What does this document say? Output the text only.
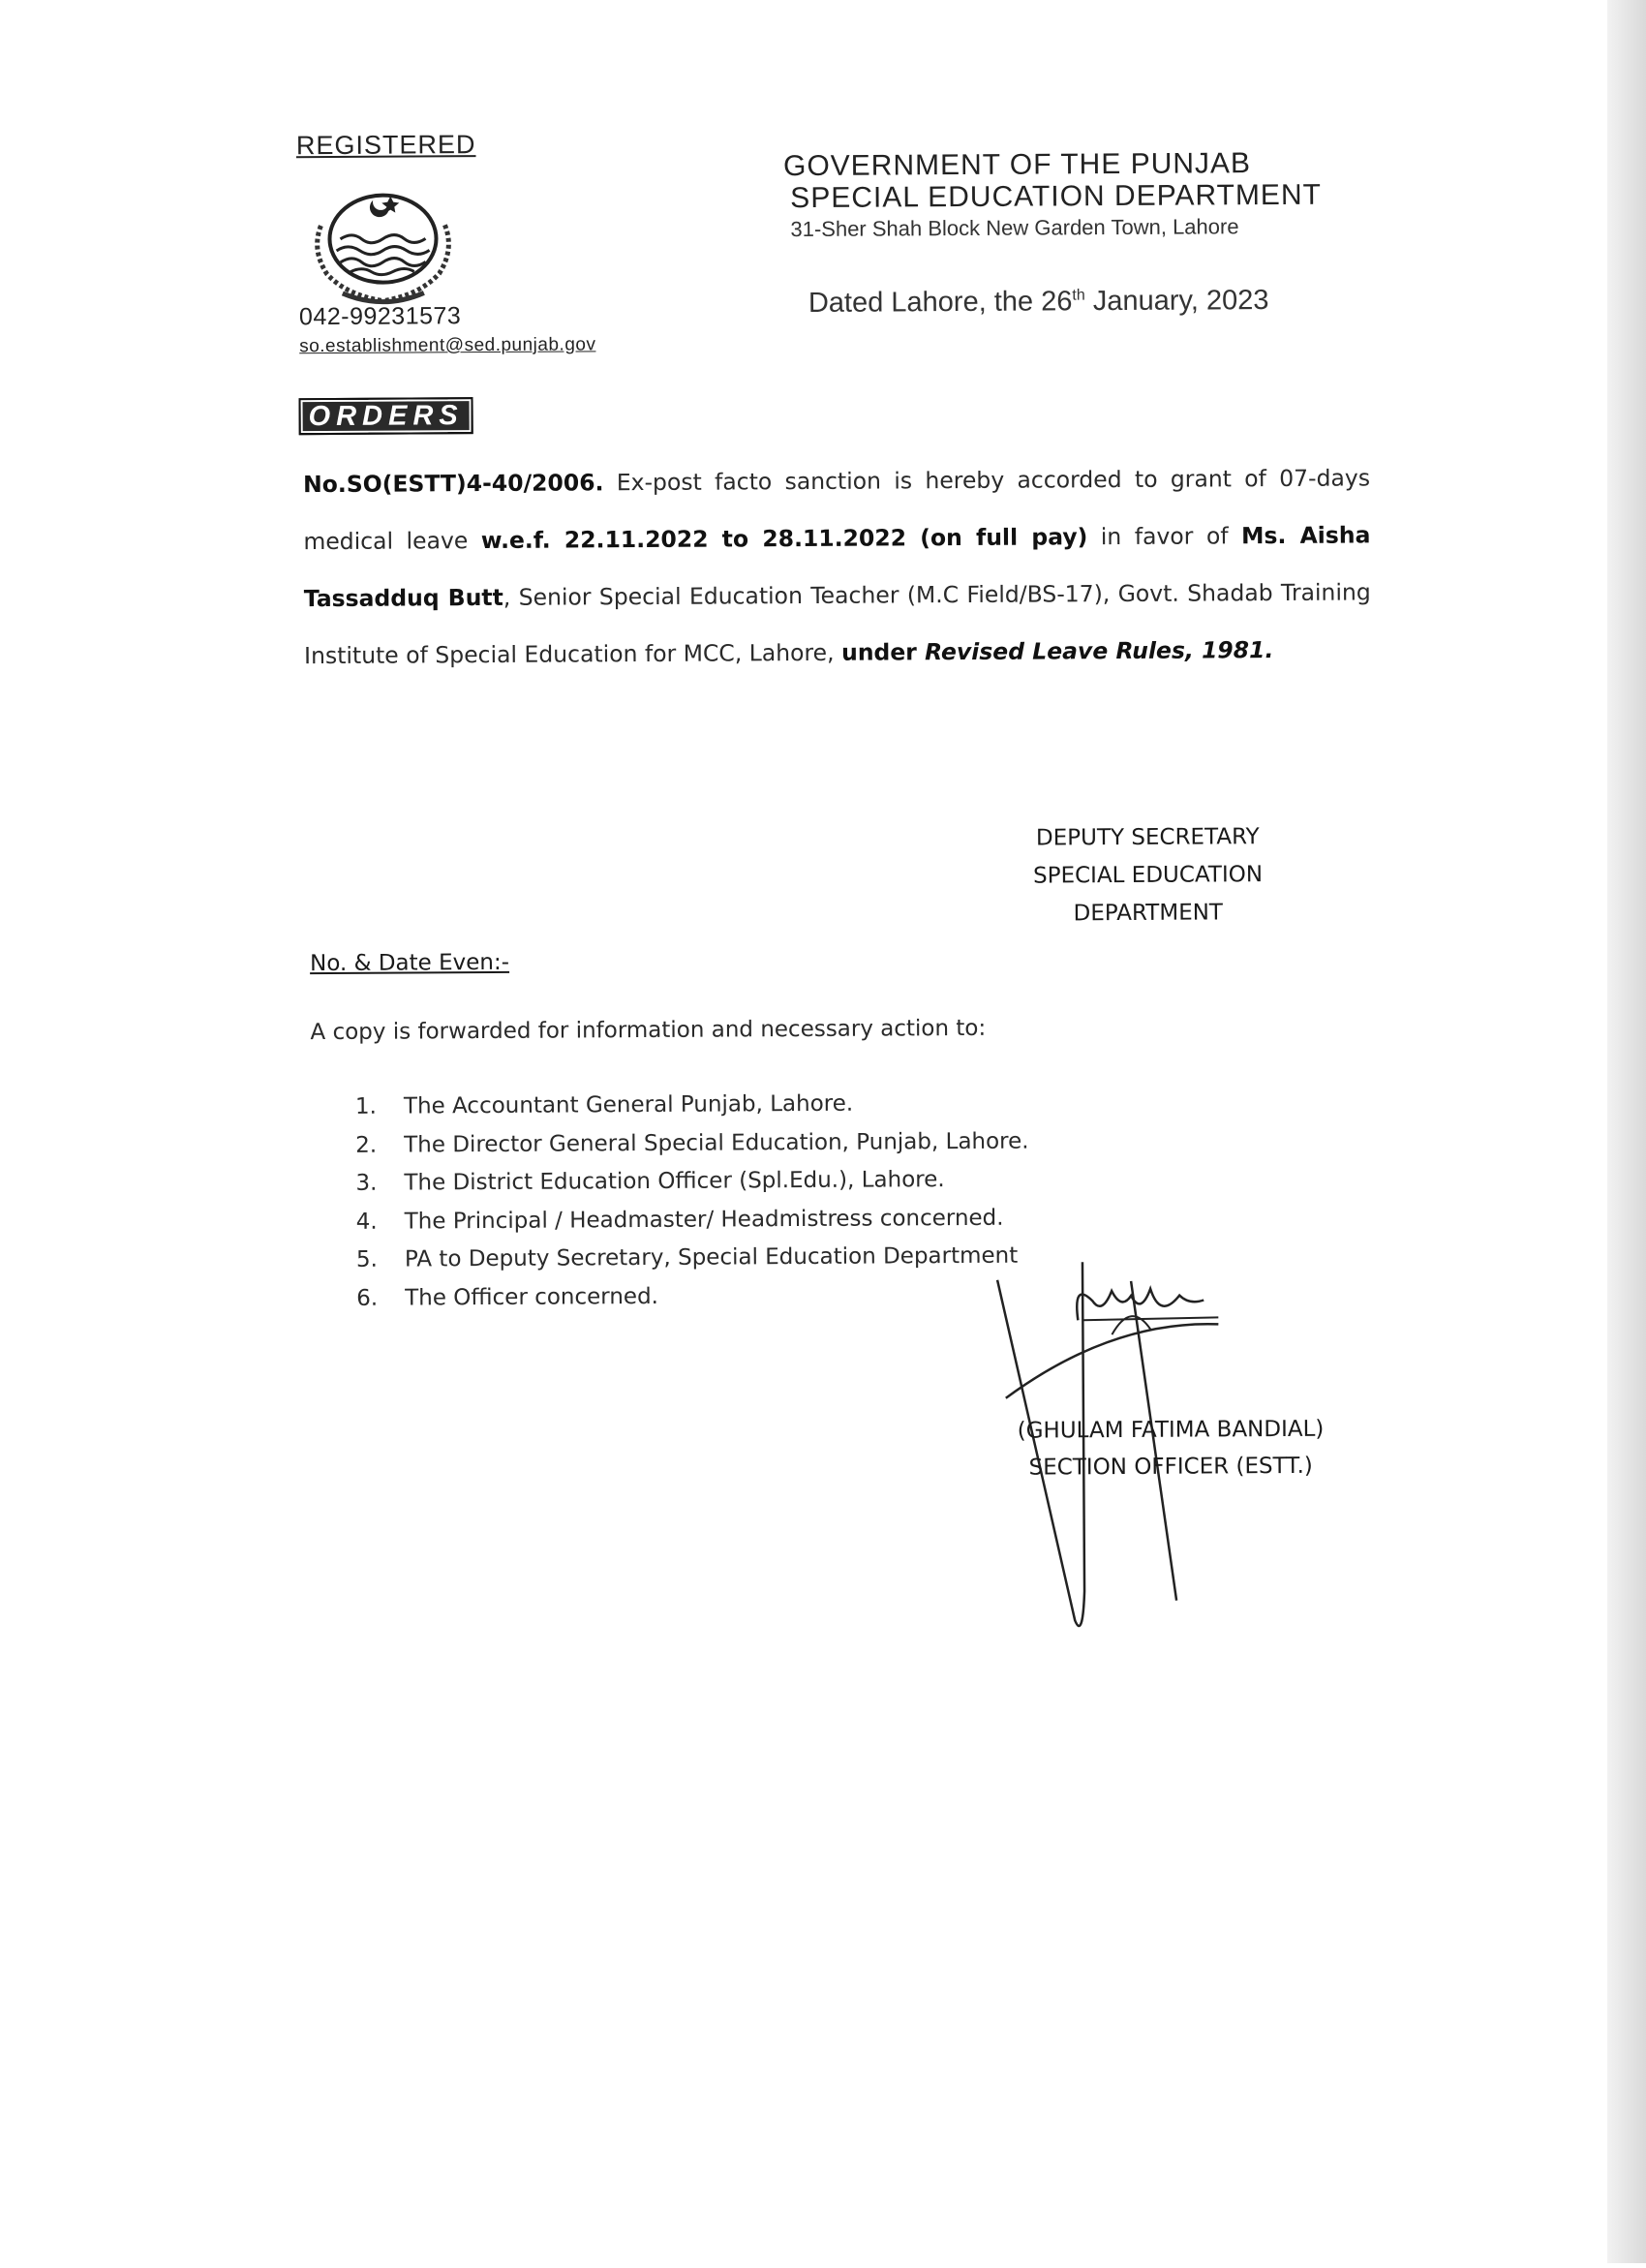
REGISTERED
042-99231573
so.establishment@sed.punjab.gov
GOVERNMENT OF THE PUNJAB
SPECIAL EDUCATION DEPARTMENT
31-Sher Shah Block New Garden Town, Lahore
Dated Lahore, the 26th January, 2023
ORDERS
No.SO(ESTT)4-40/2006. Ex-post facto sanction is hereby accorded to grant of 07-days medical leave w.e.f. 22.11.2022 to 28.11.2022 (on full pay) in favor of Ms. Aisha Tassadduq Butt, Senior Special Education Teacher (M.C Field/BS-17), Govt. Shadab Training Institute of Special Education for MCC, Lahore, under Revised Leave Rules, 1981.
DEPUTY SECRETARY
SPECIAL EDUCATION
DEPARTMENT
No. & Date Even:-
A copy is forwarded for information and necessary action to:
1.	The Accountant General Punjab, Lahore.
2.	The Director General Special Education, Punjab, Lahore.
3.	The District Education Officer (Spl.Edu.), Lahore.
4.	The Principal / Headmaster/ Headmistress concerned.
5.	PA to Deputy Secretary, Special Education Department
6.	The Officer concerned.
(GHULAM FATIMA BANDIAL)
SECTION OFFICER (ESTT.)
